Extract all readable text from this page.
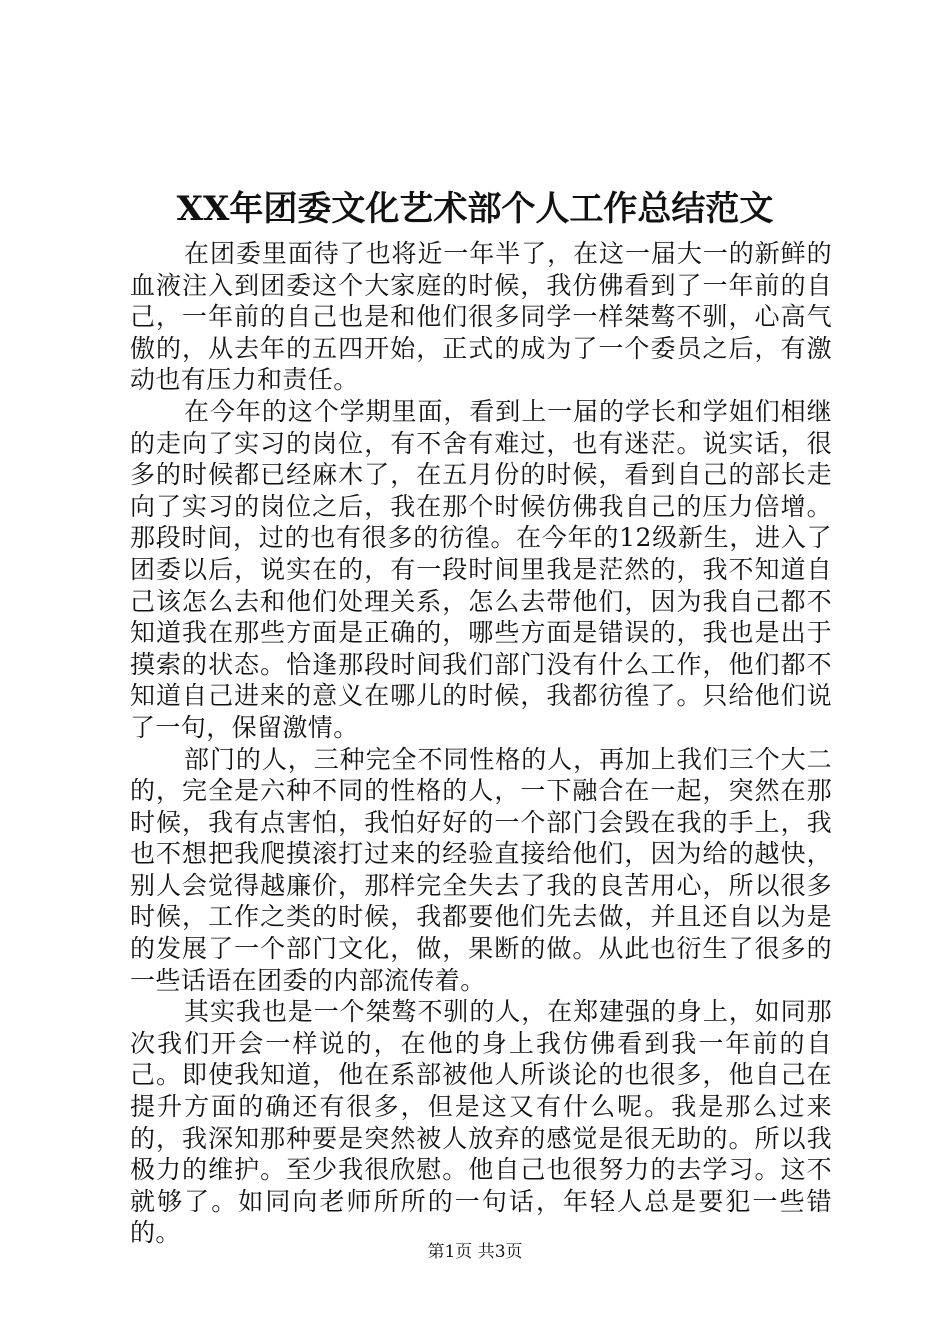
XX年团委文化艺术部个人工作总结范文

在团委里面待了也将近一年半了，在这一届大一的新鲜的血液注入到团委这个大家庭的时候，我仿佛看到了一年前的自己，一年前的自己也是和他们很多同学一样桀骜不驯，心高气傲的，从去年的五四开始，正式的成为了一个委员之后，有激动也有压力和责任。

在今年的这个学期里面，看到上一届的学长和学姐们相继的走向了实习的岗位，有不舍有难过，也有迷茫。说实话，很多的时候都已经麻木了，在五月份的时候，看到自己的部长走向了实习的岗位之后，我在那个时候仿佛我自己的压力倍增。那段时间，过的也有很多的彷徨。在今年的12级新生，进入了团委以后，说实在的，有一段时间里我是茫然的，我不知道自己该怎么去和他们处理关系，怎么去带他们，因为我自己都不知道我在那些方面是正确的，哪些方面是错误的，我也是出于摸索的状态。恰逢那段时间我们部门没有什么工作，他们都不知道自己进来的意义在哪儿的时候，我都彷徨了。只给他们说了一句，保留激情。

部门的人，三种完全不同性格的人，再加上我们三个大二的，完全是六种不同的性格的人，一下融合在一起，突然在那时候，我有点害怕，我怕好好的一个部门会毁在我的手上，我也不想把我爬摸滚打过来的经验直接给他们，因为给的越快，别人会觉得越廉价，那样完全失去了我的良苦用心，所以很多时候，工作之类的时候，我都要他们先去做，并且还自以为是的发展了一个部门文化，做，果断的做。从此也衍生了很多的一些话语在团委的内部流传着。

其实我也是一个桀骜不驯的人，在郑建强的身上，如同那次我们开会一样说的，在他的身上我仿佛看到我一年前的自己。即使我知道，他在系部被他人所谈论的也很多，他自己在提升方面的确还有很多，但是这又有什么呢。我是那么过来的，我深知那种要是突然被人放弃的感觉是很无助的。所以我极力的维护。至少我很欣慰。他自己也很努力的去学习。这不就够了。如同向老师所所的一句话，年轻人总是要犯一些错的。

第1页 共3页
